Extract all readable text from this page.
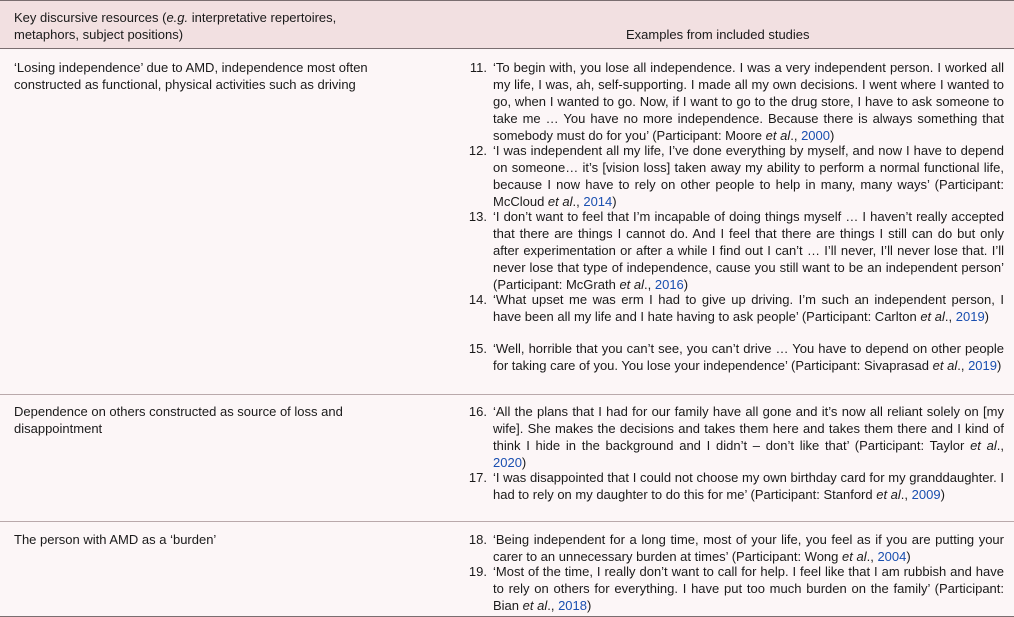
Key discursive resources (e.g. interpretative repertoires,
metaphors, subject positions)	Examples from included studies
‘Losing independence’ due to AMD, independence most often
constructed as functional, physical activities such as driving
11. ‘To begin with, you lose all independence. I was a very independent person. I worked all my life, I was, ah, self-supporting. I made all my own decisions. I went where I wanted to go, when I wanted to go. Now, if I want to go to the drug store, I have to ask someone to take me … You have no more independence. Because there is always something that somebody must do for you’ (Participant: Moore et al., 2000)
12. ‘I was independent all my life, I’ve done everything by myself, and now I have to depend on someone… it’s [vision loss] taken away my ability to perform a normal functional life, because I now have to rely on other people to help in many, many ways’ (Participant: McCloud et al., 2014)
13. ‘I don’t want to feel that I’m incapable of doing things myself … I haven’t really accepted that there are things I cannot do. And I feel that there are things I still can do but only after experimentation or after a while I find out I can’t … I’ll never, I’ll never lose that. I’ll never lose that type of independence, cause you still want to be an independent person’ (Participant: McGrath et al., 2016)
14. ‘What upset me was erm I had to give up driving. I’m such an independent person, I have been all my life and I hate having to ask people’ (Participant: Carlton et al., 2019)
15. ‘Well, horrible that you can’t see, you can’t drive … You have to depend on other people for taking care of you. You lose your independence’ (Participant: Sivaprasad et al., 2019)
Dependence on others constructed as source of loss and
disappointment
16. ‘All the plans that I had for our family have all gone and it’s now all reliant solely on [my wife]. She makes the decisions and takes them here and takes them there and I kind of think I hide in the background and I didn’t – don’t like that’ (Participant: Taylor et al., 2020)
17. ‘I was disappointed that I could not choose my own birthday card for my granddaughter. I had to rely on my daughter to do this for me’ (Participant: Stanford et al., 2009)
The person with AMD as a ‘burden’	18. ‘Being independent for a long time, most of your life, you feel as if you are putting your carer to an unnecessary burden at times’ (Participant: Wong et al., 2004)
19. ‘Most of the time, I really don’t want to call for help. I feel like that I am rubbish and have to rely on others for everything. I have put too much burden on the family’ (Participant: Bian et al., 2018)
